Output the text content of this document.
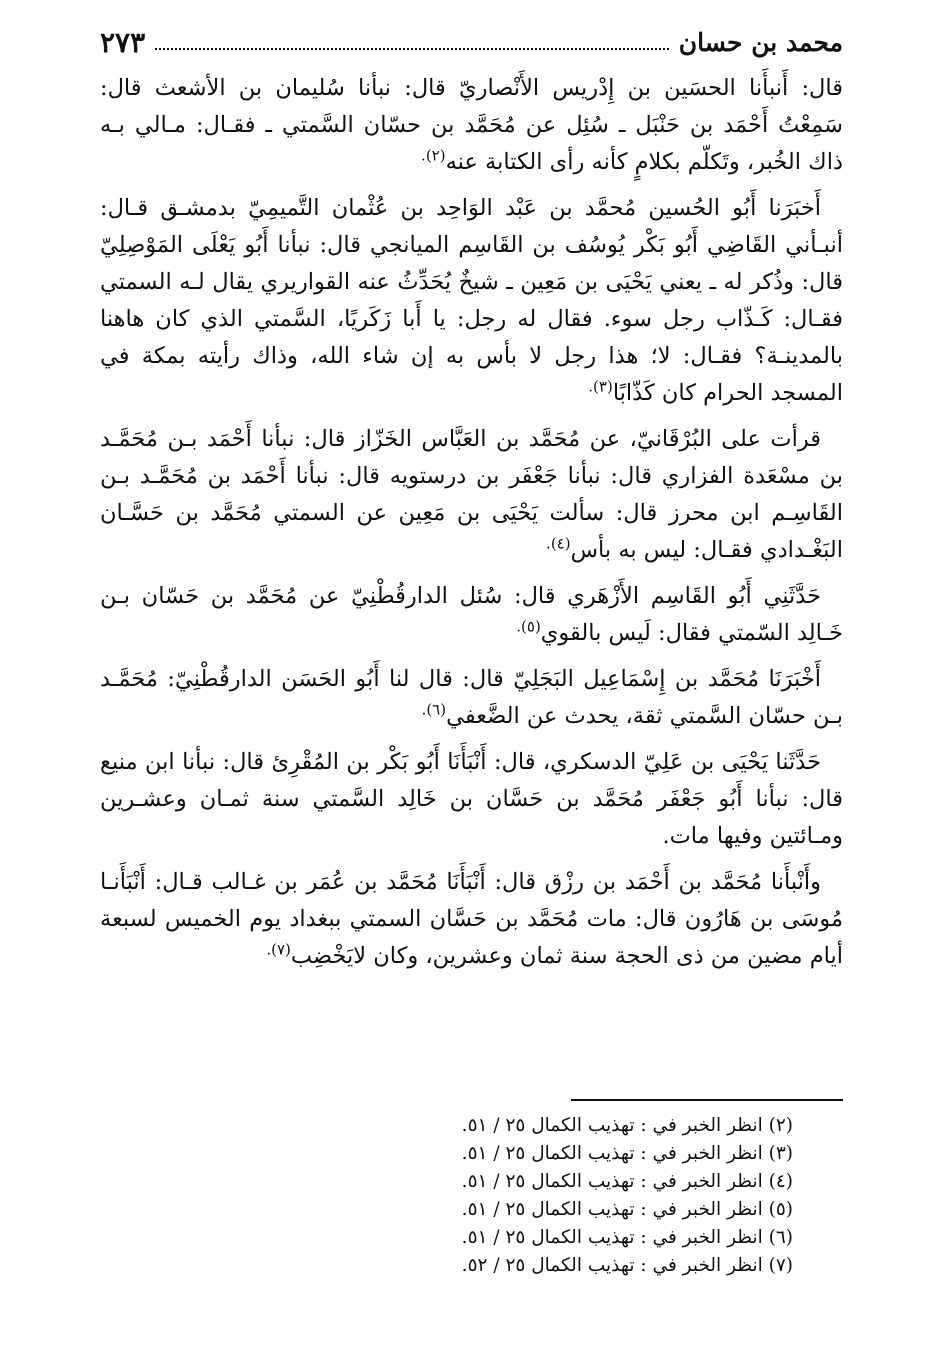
محمد بن حسان
٢٧٣

قال: أَنبأَنا الحسَين بن إِدْريس الأَنْصاريّ قال: نبأنا سُليمان بن الأشعث قال: سَمِعْتُ أَحْمَد بن حَنْبَل ـ سُئِل عن مُحَمَّد بن حسّان السَّمتي ـ فقـال: مـالي بـه ذاك الخُبر، وتَكلّم بكلامٍ كأنه رأى الكتابة عنه$^{(٢).}$

أَخبَرَنا أَبُو الحُسين مُحمَّد بن عَبْد الوَاحِد بن عُثْمان التَّميمِيّ بدمشـق قـال: أنبـأني القَاضِي أَبُو بَكْر يُوسُف بن القَاسِم الميانجي قال: نبأنا أَبُو يَعْلَى المَوْصِلِيّ قال: وذُكر له ـ يعني يَحْيَى بن مَعِين ـ شيخٌ يُحَدِّثُ عنه القواريري يقال لـه السمتي فقـال: كَـذّاب رجل سوء. فقال له رجل: يا أَبا زَكَريًا، السَّمتي الذي كان هاهنا بالمدينـة؟ فقـال: لا؛ هذا رجل لا بأس به إن شاء الله، وذاك رأيته بمكة في المسجد الحرام كان كَذّابًا$^{(٣).}$

قرأت على البُرْقَانيّ، عن مُحَمَّد بن العَبَّاس الخَزّاز قال: نبأنا أَحْمَد بـن مُحَمَّـد بن مسْعَدة الفزاري قال: نبأنا جَعْفَر بن درستويه قال: نبأنا أَحْمَد بن مُحَمَّـد بـن القَاسِـم ابن محرز قال: سألت يَحْيَى بن مَعِين عن السمتي مُحَمَّد بن حَسَّـان البَغْـدادي فقـال: ليس به بأس$^{(٤).}$

حَدَّثَنِي أَبُو القَاسِم الأَزْهَري قال: سُئل الدارقُطْنِيّ عن مُحَمَّد بن حَسّان بـن خَـالِد السّمتي فقال: لَيس بالقوي$^{(٥).}$

أَخْبَرَنَا مُحَمَّد بن إِسْمَاعِيل البَجَلِيّ قال: قال لنا أَبُو الحَسَن الدارقُطْنِيّ: مُحَمَّـد بـن حسّان السَّمتي ثقة، يحدث عن الضَّعفي$^{(٦).}$

حَدَّثَنا يَحْيَى بن عَلِيّ الدسكري، قال: أَنْبَأَنَا أَبُو بَكْر بن المُقْرِئ قال: نبأنا ابن منيع قال: نبأنا أَبُو جَعْفَر مُحَمَّد بن حَسَّان بن خَالِد السَّمتي سنة ثمـان وعشـرين ومـائتين وفيها مات.

وأَنْبأَنا مُحَمَّد بن أَحْمَد بن رزْق قال: أَنْبَأَنَا مُحَمَّد بن عُمَر بن غـالب قـال: أَنْبَأَنـا مُوسَى بن هَارُون قال: مات مُحَمَّد بن حَسَّان السمتي ببغداد يوم الخميس لسبعة أيام مضين من ذى الحجة سنة ثمان وعشرين، وكان لايَخْضِب$^{(٧).}$

(٢) انظر الخبر في : تهذيب الكمال ٢٥ / ٥١.
(٣) انظر الخبر في : تهذيب الكمال ٢٥ / ٥١.
(٤) انظر الخبر في : تهذيب الكمال ٢٥ / ٥١.
(٥) انظر الخبر في : تهذيب الكمال ٢٥ / ٥١.
(٦) انظر الخبر في : تهذيب الكمال ٢٥ / ٥١.
(٧) انظر الخبر في : تهذيب الكمال ٢٥ / ٥٢.
